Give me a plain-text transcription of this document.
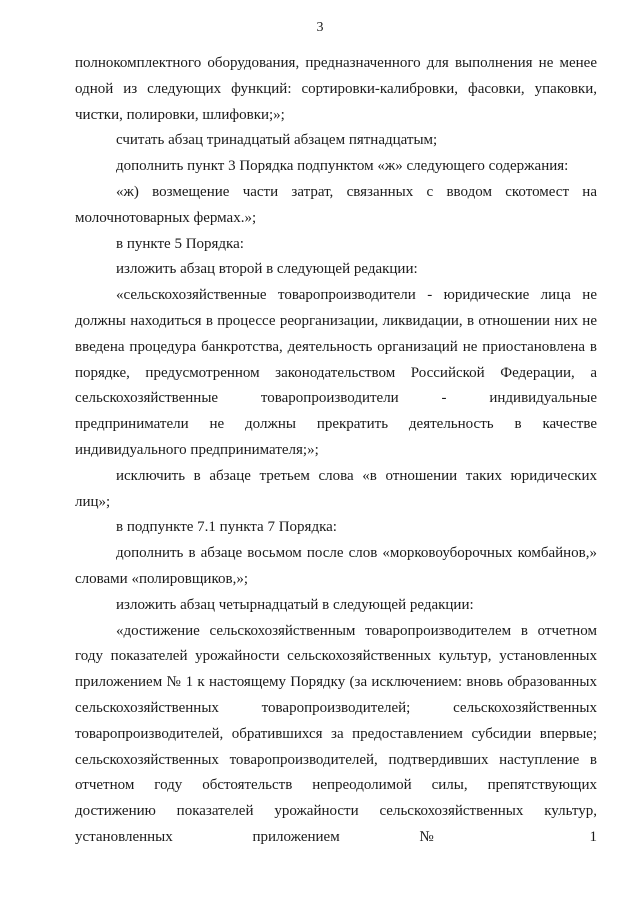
3

полнокомплектного оборудования, предназначенного для выполнения не менее одной из следующих функций: сортировки-калибровки, фасовки, упаковки, чистки, полировки, шлифовки;»;

считать абзац тринадцатый абзацем пятнадцатым;

дополнить пункт 3 Порядка подпунктом «ж» следующего содержания:

«ж) возмещение части затрат, связанных с вводом скотомест на молочнотоварных фермах.»;

в пункте 5 Порядка:

изложить абзац второй в следующей редакции:

«сельскохозяйственные товаропроизводители - юридические лица не должны находиться в процессе реорганизации, ликвидации, в отношении них не введена процедура банкротства, деятельность организаций не приостановлена в порядке, предусмотренном законодательством Российской Федерации, а сельскохозяйственные товаропроизводители - индивидуальные предприниматели не должны прекратить деятельность в качестве индивидуального предпринимателя;»;

исключить в абзаце третьем слова «в отношении таких юридических лиц»;

в подпункте 7.1 пункта 7 Порядка:

дополнить в абзаце восьмом после слов «морковоуборочных комбайнов,» словами «полировщиков,»;

изложить абзац четырнадцатый в следующей редакции:

«достижение сельскохозяйственным товаропроизводителем в отчетном году показателей урожайности сельскохозяйственных культур, установленных приложением № 1 к настоящему Порядку (за исключением: вновь образованных сельскохозяйственных товаропроизводителей; сельскохозяйственных товаропроизводителей, обратившихся за предоставлением субсидии впервые; сельскохозяйственных товаропроизводителей, подтвердивших наступление в отчетном году обстоятельств непреодолимой силы, препятствующих достижению показателей урожайности сельскохозяйственных культур, установленных приложением № 1
